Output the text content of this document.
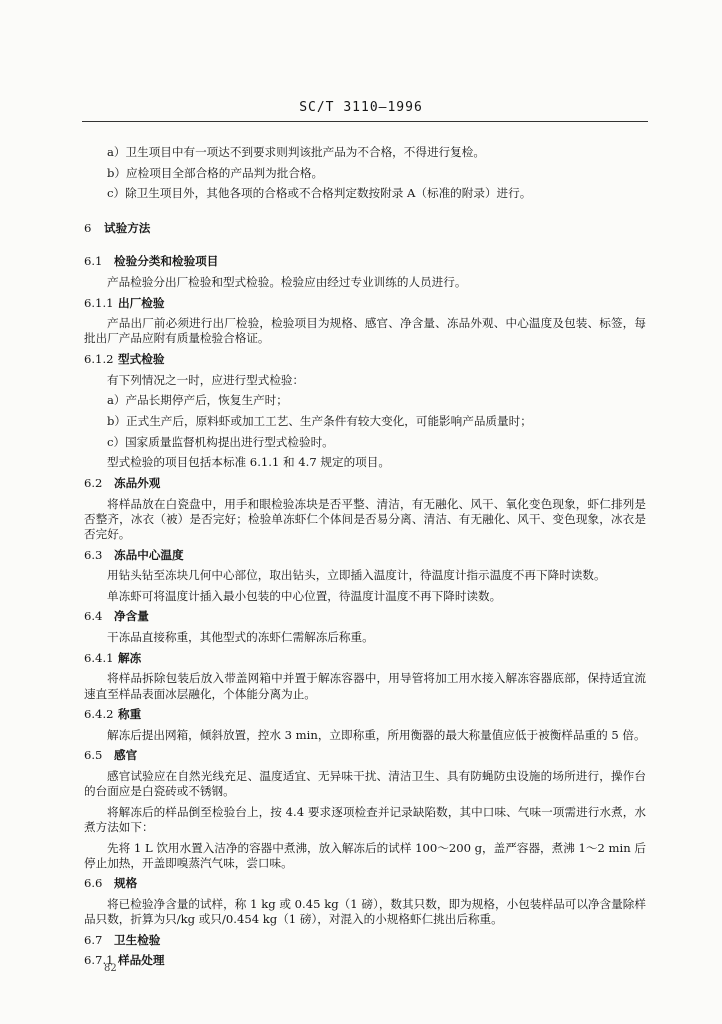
SC/T 3110—1996

a）卫生项目中有一项达不到要求则判该批产品为不合格，不得进行复检。

b）应检项目全部合格的产品判为批合格。

c）除卫生项目外，其他各项的合格或不合格判定数按附录 A（标准的附录）进行。

6 试验方法
6.1 检验分类和检验项目

产品检验分出厂检验和型式检验。检验应由经过专业训练的人员进行。

6.1.1 出厂检验

产品出厂前必须进行出厂检验，检验项目为规格、感官、净含量、冻品外观、中心温度及包装、标签，每批出厂产品应附有质量检验合格证。

6.1.2 型式检验

有下列情况之一时，应进行型式检验：

a）产品长期停产后，恢复生产时；

b）正式生产后，原料虾或加工工艺、生产条件有较大变化，可能影响产品质量时；

c）国家质量监督机构提出进行型式检验时。

型式检验的项目包括本标准 6.1.1 和 4.7 规定的项目。

6.2 冻品外观

将样品放在白瓷盘中，用手和眼检验冻块是否平整、清洁，有无融化、风干、氧化变色现象，虾仁排列是否整齐，冰衣（被）是否完好；检验单冻虾仁个体间是否易分离、清洁、有无融化、风干、变色现象，冰衣是否完好。

6.3 冻品中心温度

用钻头钻至冻块几何中心部位，取出钻头，立即插入温度计，待温度计指示温度不再下降时读数。

单冻虾可将温度计插入最小包装的中心位置，待温度计温度不再下降时读数。

6.4 净含量

干冻品直接称重，其他型式的冻虾仁需解冻后称重。

6.4.1 解冻

将样品拆除包装后放入带盖网箱中并置于解冻容器中，用导管将加工用水接入解冻容器底部，保持适宜流速直至样品表面冰层融化，个体能分离为止。

6.4.2 称重

解冻后提出网箱，倾斜放置，控水 3 min，立即称重，所用衡器的最大称量值应低于被衡样品重的 5 倍。

6.5 感官

感官试验应在自然光线充足、温度适宜、无异味干扰、清洁卫生、具有防蝇防虫设施的场所进行，操作台的台面应是白瓷砖或不锈钢。

将解冻后的样品倒至检验台上，按 4.4 要求逐项检查并记录缺陷数，其中口味、气味一项需进行水煮，水煮方法如下：

先将 1 L 饮用水置入洁净的容器中煮沸，放入解冻后的试样 100～200 g，盖严容器，煮沸 1～2 min 后停止加热，开盖即嗅蒸汽气味，尝口味。

6.6 规格

将已检验净含量的试样，称 1 kg 或 0.45 kg（1 磅），数其只数，即为规格，小包装样品可以净含量除样品只数，折算为只/kg 或只/0.454 kg（1 磅），对混入的小规格虾仁挑出后称重。

6.7 卫生检验
6.7.1 样品处理
82
